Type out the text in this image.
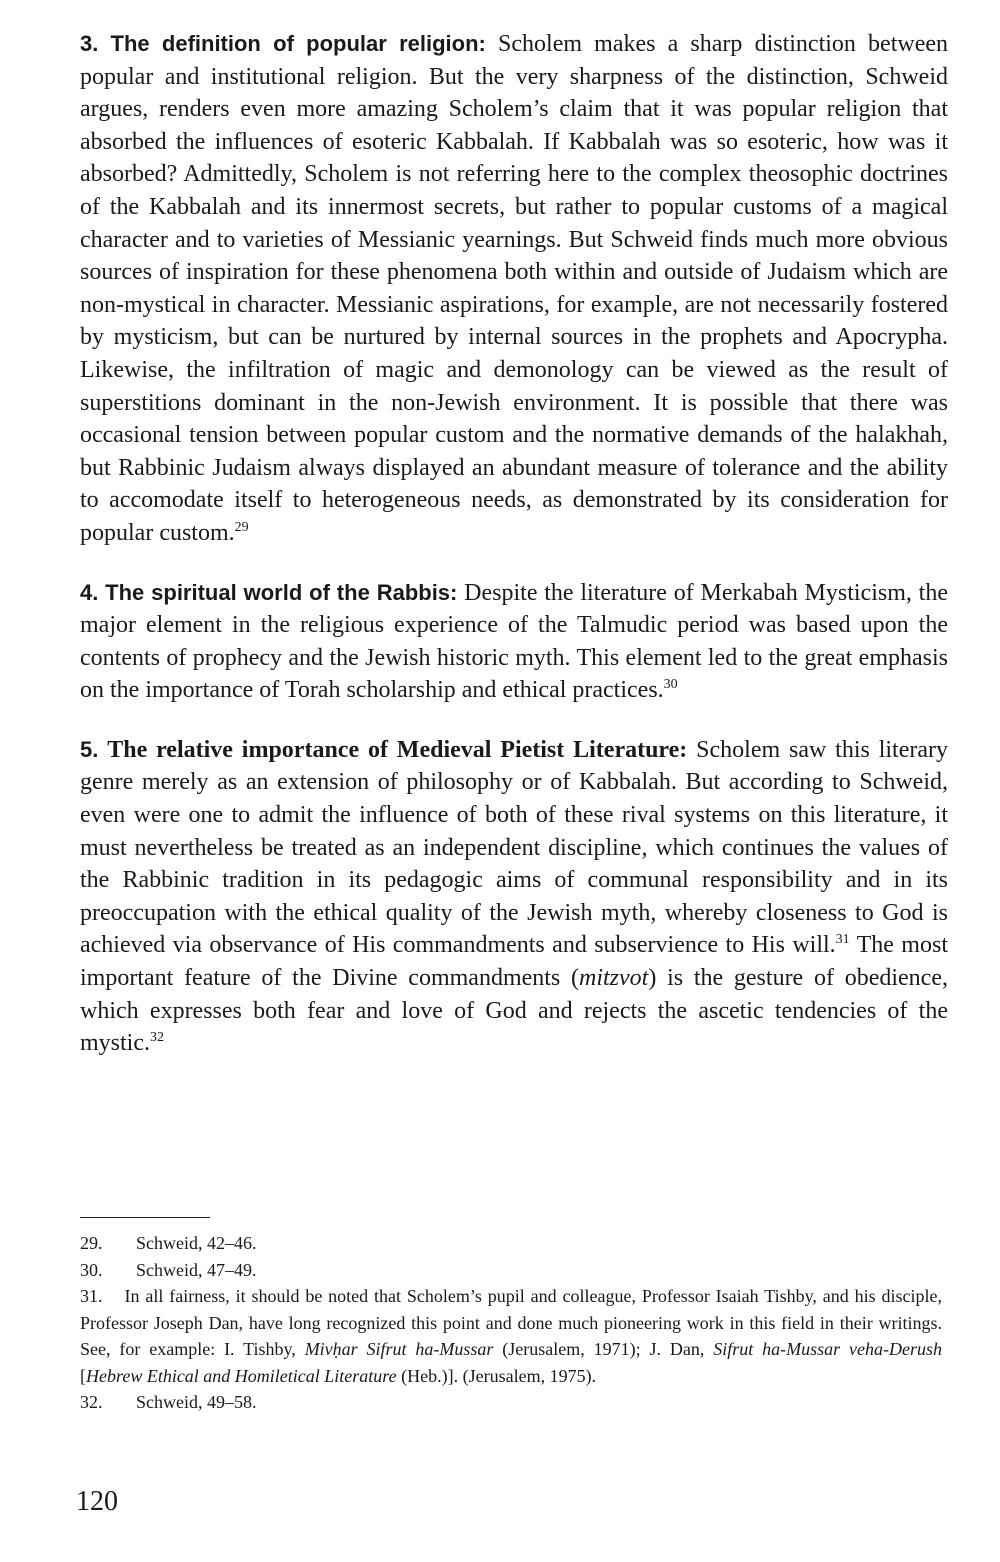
3. The definition of popular religion: Scholem makes a sharp distinction between popular and institutional religion. But the very sharpness of the distinction, Schweid argues, renders even more amazing Scholem’s claim that it was popular religion that absorbed the influences of esoteric Kabbalah. If Kabbalah was so esoteric, how was it absorbed? Admittedly, Scholem is not referring here to the complex theosophic doctrines of the Kabbalah and its innermost secrets, but rather to popular customs of a magical character and to varieties of Messianic yearnings. But Schweid finds much more obvious sources of inspiration for these phenomena both within and outside of Judaism which are non-mystical in character. Messianic aspirations, for example, are not necessarily fostered by mysticism, but can be nurtured by internal sources in the prophets and Apocrypha. Likewise, the infiltration of magic and demonology can be viewed as the result of superstitions dominant in the non-Jewish environment. It is possible that there was occasional tension between popular custom and the normative demands of the halakhah, but Rabbinic Judaism always displayed an abundant measure of tolerance and the ability to accomodate itself to heterogeneous needs, as demonstrated by its consideration for popular custom.$^{29}$

4. The spiritual world of the Rabbis: Despite the literature of Merkabah Mysticism, the major element in the religious experience of the Talmudic period was based upon the contents of prophecy and the Jewish historic myth. This element led to the great emphasis on the importance of Torah scholarship and ethical practices.$^{30}$

5. The relative importance of Medieval Pietist Literature: Scholem saw this literary genre merely as an extension of philosophy or of Kabbalah. But according to Schweid, even were one to admit the influence of both of these rival systems on this literature, it must nevertheless be treated as an independent discipline, which continues the values of the Rabbinic tradition in its pedagogic aims of communal responsibility and in its preoccupation with the ethical quality of the Jewish myth, whereby closeness to God is achieved via observance of His commandments and subservience to His will.$^{31}$ The most important feature of the Divine commandments (mitzvot) is the gesture of obedience, which expresses both fear and love of God and rejects the ascetic tendencies of the mystic.$^{32}$

29. Schweid, 42–46.

30. Schweid, 47–49.

31. In all fairness, it should be noted that Scholem’s pupil and colleague, Professor Isaiah Tishby, and his disciple, Professor Joseph Dan, have long recognized this point and done much pioneering work in this field in their writings. See, for example: I. Tishby, Mivḥar Sifrut ha-Mussar (Jerusalem, 1971); J. Dan, Sifrut ha-Mussar veha-Derush [Hebrew Ethical and Homiletical Literature (Heb.)]. (Jerusalem, 1975).

32. Schweid, 49–58.

120
